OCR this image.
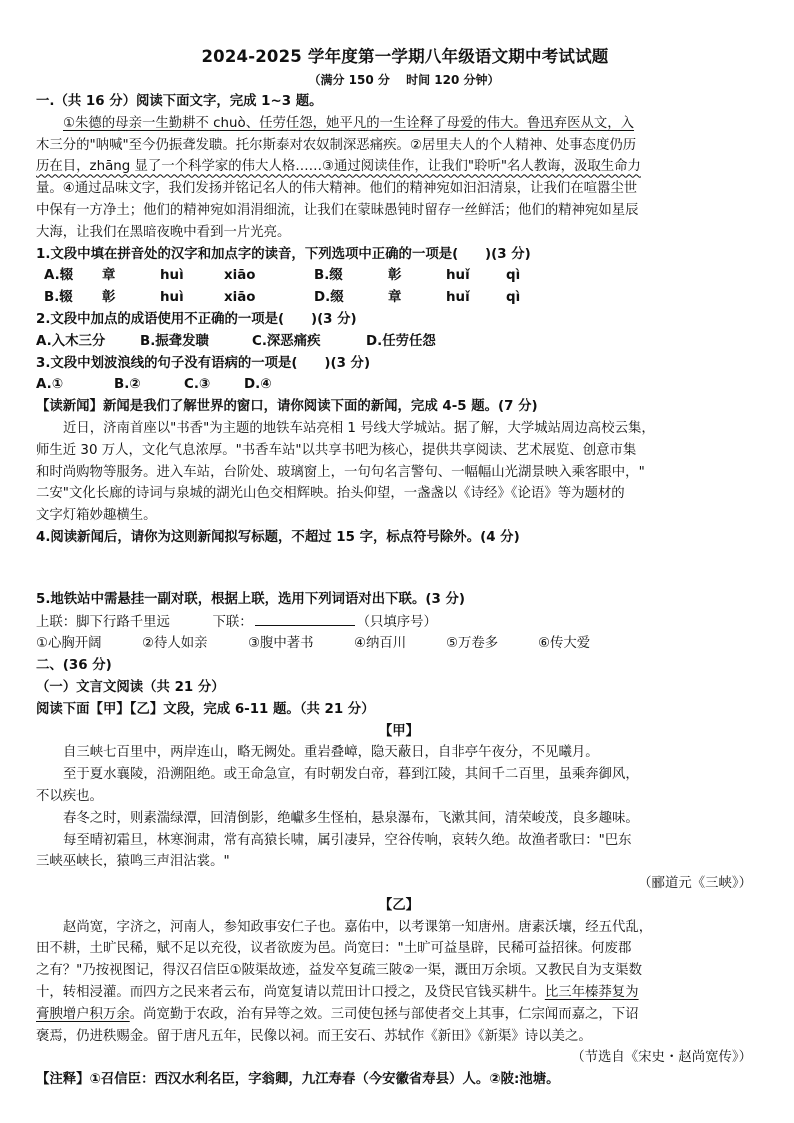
2024-2025 学年度第一学期八年级语文期中考试试题
（满分 150 分　 时间 120 分钟）
一.（共 16 分）阅读下面文字，完成 1~3 题。
①朱德的母亲一生勤耕不 chuò、任劳任怨，她平凡的一生诠释了母爱的伟大。鲁迅弃医从文，入
木三分的"呐喊"至今仍振聋发聩。托尔斯泰对农奴制深恶痛疾。②居里夫人的个人精神、处事态度仍历
历在目，zhāng 显了一个科学家的伟大人格……③通过阅读佳作，让我们"聆听"名人教诲，汲取生命力
量。④通过品味文字，我们发扬并铭记名人的伟大精神。他们的精神宛如汩汩清泉，让我们在喧嚣尘世
中保有一方净土；他们的精神宛如涓涓细流，让我们在蒙昧愚钝时留存一丝鲜活；他们的精神宛如星辰
大海，让我们在黑暗夜晚中看到一片光亮。
1.文段中填在拼音处的汉字和加点字的读音，下列选项中正确的一项是(　　)(3 分)
A.辍	章	huì	xiāo	B.缀	彰	huǐ	qì
B.辍	彰	huì	xiāo	D.缀	章	huǐ	qì
2.文段中加点的成语使用不正确的一项是(　　)(3 分)
A.入木三分	B.振聋发聩	C.深恶痛疾	D.任劳任怨
3.文段中划波浪线的句子没有语病的一项是(　　)(3 分)
A.①	B.②	C.③	D.④
【读新闻】新闻是我们了解世界的窗口，请你阅读下面的新闻，完成 4-5 题。(7 分)
近日，济南首座以"书香"为主题的地铁车站亮相 1 号线大学城站。据了解，大学城站周边高校云集，
师生近 30 万人，文化气息浓厚。"书香车站"以共享书吧为核心，提供共享阅读、艺术展览、创意市集
和时尚购物等服务。进入车站，台阶处、玻璃窗上，一句句名言警句、一幅幅山光湖景映入乘客眼中，"
二安"文化长廊的诗词与泉城的湖光山色交相辉映。抬头仰望，一盏盏以《诗经》《论语》等为题材的
文字灯箱妙趣横生。
4.阅读新闻后，请你为这则新闻拟写标题，不超过 15 字，标点符号除外。(4 分)
5.地铁站中需悬挂一副对联，根据上联，选用下列词语对出下联。(3 分)
上联：脚下行路千里远	下联：	（只填序号）
①心胸开阔	②待人如亲	③腹中著书	④纳百川	⑤万卷多	⑥传大爱
二、(36 分)
（一）文言文阅读（共 21 分）
阅读下面【甲】【乙】文段，完成 6-11 题。（共 21 分）
【甲】
自三峡七百里中，两岸连山，略无阙处。重岩叠嶂，隐天蔽日，自非亭午夜分，不见曦月。
至于夏水襄陵，沿溯阻绝。或王命急宣，有时朝发白帝，暮到江陵，其间千二百里，虽乘奔御风，
不以疾也。
春冬之时，则素湍绿潭，回清倒影，绝巘多生怪柏，悬泉瀑布，飞漱其间，清荣峻茂，良多趣味。
每至晴初霜旦，林寒涧肃，常有高猿长啸，属引凄异，空谷传响，哀转久绝。故渔者歌曰："巴东
三峡巫峡长，猿鸣三声泪沾裳。"
（郦道元《三峡》）
【乙】
赵尚宽，字济之，河南人，参知政事安仁子也。嘉佑中，以考课第一知唐州。唐素沃壤，经五代乱，
田不耕，土旷民稀，赋不足以充役，议者欲废为邑。尚宽曰："土旷可益垦辟，民稀可益招徕。何废郡
之有？"乃按视图记，得汉召信臣①陂渠故迹，益发卒复疏三陂②一渠，溉田万余顷。又教民自为支渠数
十，转相浸灌。而四方之民来者云布，尚宽复请以荒田计口授之，及贷民官钱买耕牛。比三年榛莽复为
膏腴增户积万余。尚宽勤于农政，治有异等之效。三司使包拯与部使者交上其事，仁宗闻而嘉之，下诏
褒焉，仍进秩赐金。留于唐凡五年，民像以祠。而王安石、苏轼作《新田》《新渠》诗以美之。
（节选自《宋史・赵尚宽传》）
【注释】①召信臣：西汉水利名臣，字翁卿，九江寿春（今安徽省寿县）人。②陂:池塘。
